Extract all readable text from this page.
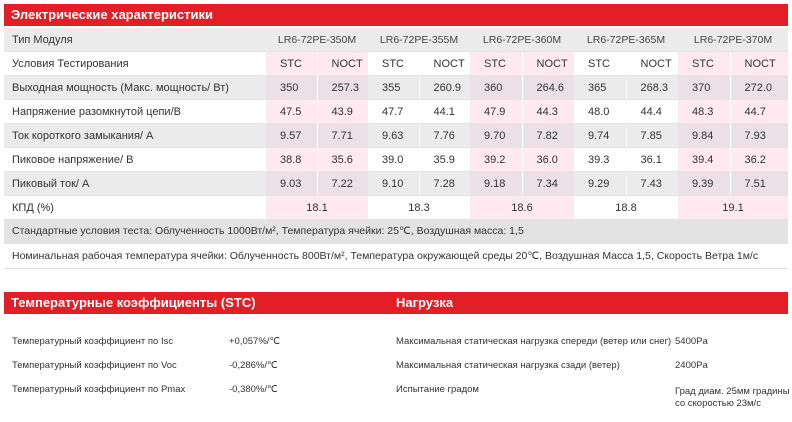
Электрические характеристики
Тип Модуля	LR6-72PE-350M		LR6-72PE-355M		LR6-72PE-360M		LR6-72PE-365M		LR6-72PE-370M	
Условия Тестирования	STC	NOCT	STC	NOCT	STC	NOCT	STC	NOCT	STC	NOCT
Выходная мощность (Макс. мощность/ Вт)	350	257.3	355	260.9	360	264.6	365	268.3	370	272.0
Напряжение разомкнутой цепи/В	47.5	43.9	47.7	44.1	47.9	44.3	48.0	44.4	48.3	44.7
Ток короткого замыкания/ А	9.57	7.71	9.63	7.76	9.70	7.82	9.74	7.85	9.84	7.93
Пиковое напряжение/ В	38.8	35.6	39.0	35.9	39.2	36.0	39.3	36.1	39.4	36.2
Пиковый ток/ А	9.03	7.22	9.10	7.28	9.18	7.34	9.29	7.43	9.39	7.51
КПД (%)	18.1		18.3		18.6		18.8		19.1	
Стандартные условия теста: Облученность 1000Вт/м², Температура ячейки: 25℃, Воздушная масса: 1,5
Номинальная рабочая температура ячейки: Облученность 800Вт/м², Температура окружающей среды 20℃, Воздушная Масса 1,5, Скорость Ветра 1м/с
Температурные коэффициенты (STC)	Нагрузка
Температурный коэффициент по Isc	+0,057%/℃
Температурный коэффициент по Voc	-0,286%/℃
Температурный коэффициент по Pmax	-0,380%/℃
Максимальная статическая нагрузка спереди (ветер или снег) 5400Pa
Максимальная статическая нагрузка сзади (ветер)	2400Pa
Испытание градом	Град диам. 25мм градины
со скоростью 23м/с
